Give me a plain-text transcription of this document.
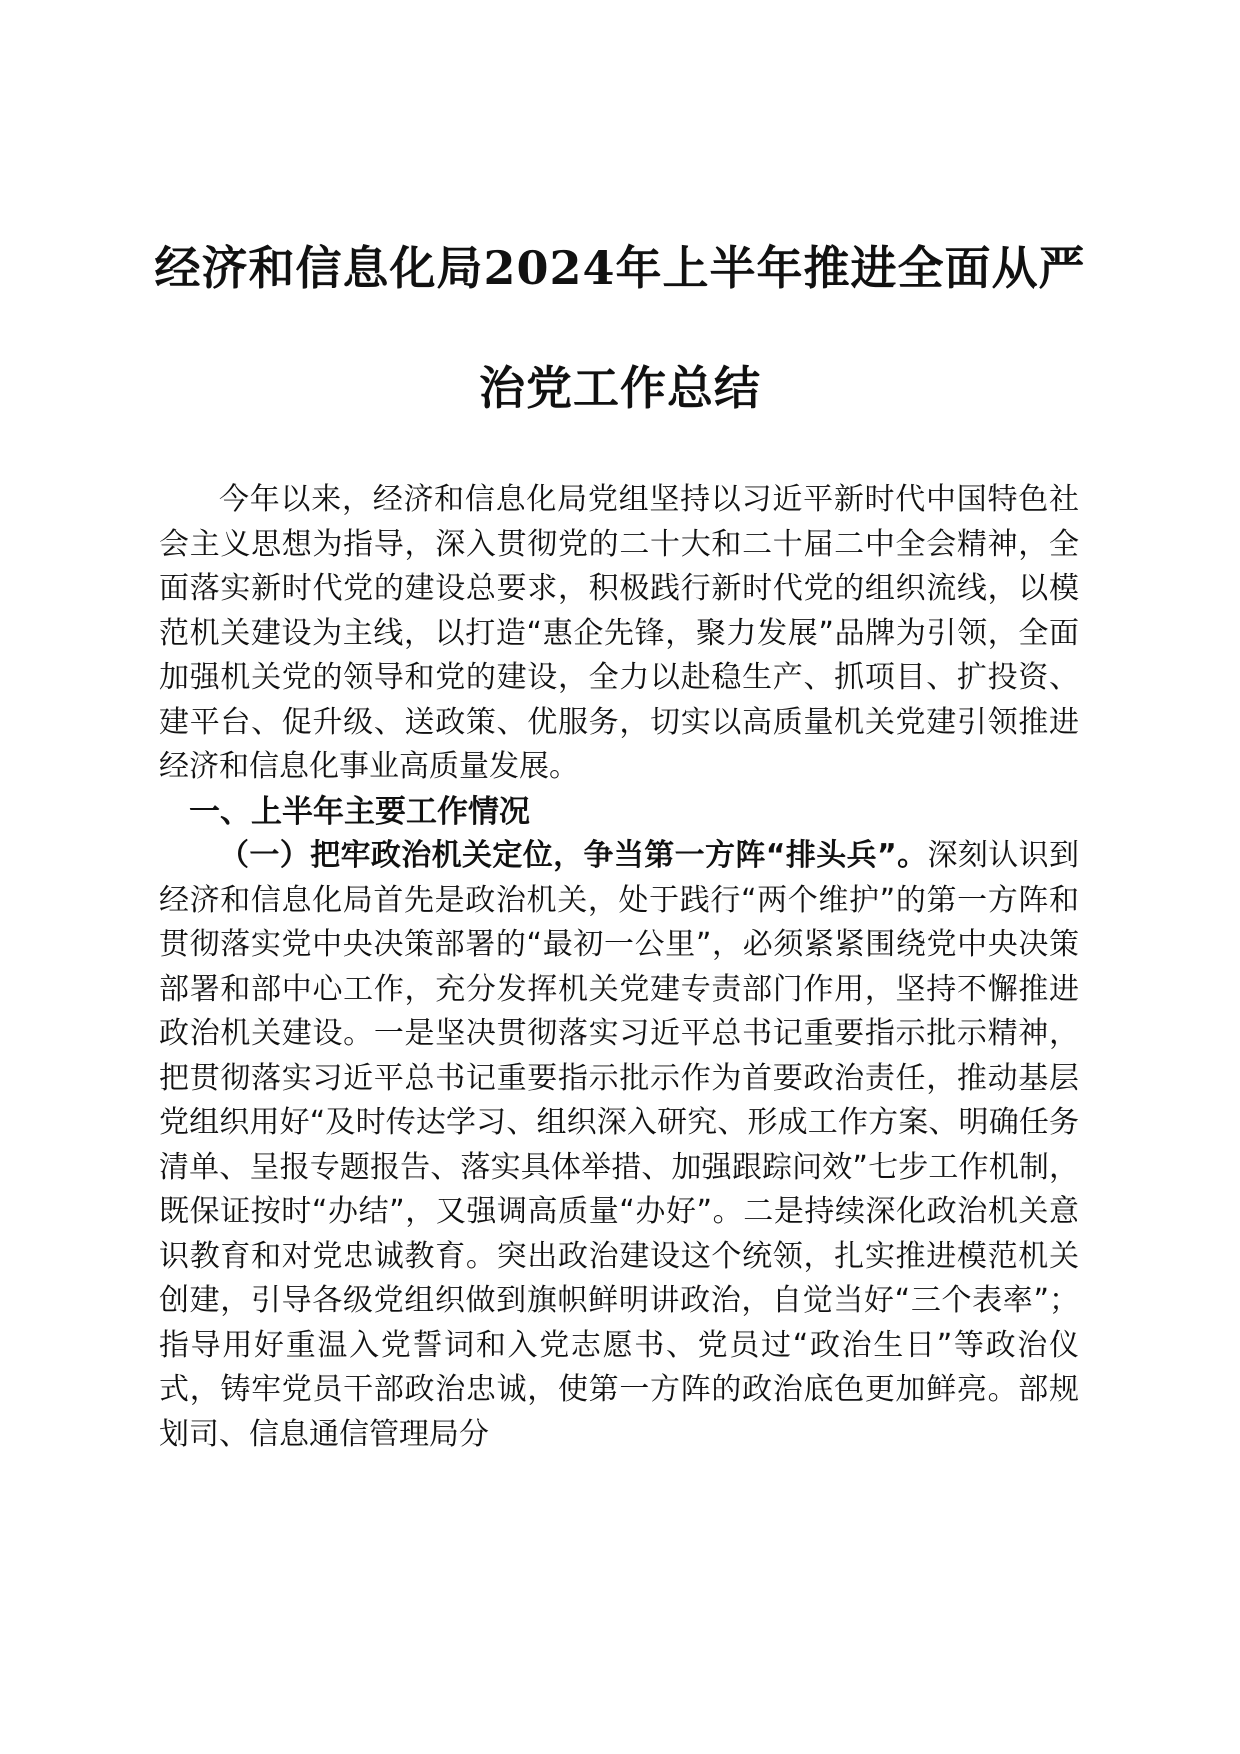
经济和信息化局2024年上半年推进全面从严
治党工作总结

今年以来，经济和信息化局党组坚持以习近平新时代中国特色社会主义思想为指导，深入贯彻党的二十大和二十届二中全会精神，全面落实新时代党的建设总要求，积极践行新时代党的组织流线，以模范机关建设为主线，以打造“惠企先锋，聚力发展”品牌为引领，全面加强机关党的领导和党的建设，全力以赴稳生产、抓项目、扩投资、建平台、促升级、送政策、优服务，切实以高质量机关党建引领推进经济和信息化事业高质量发展。

一、上半年主要工作情况

（一）把牢政治机关定位，争当第一方阵“排头兵”。深刻认识到经济和信息化局首先是政治机关，处于践行“两个维护”的第一方阵和贯彻落实党中央决策部署的“最初一公里”，必须紧紧围绕党中央决策部署和部中心工作，充分发挥机关党建专责部门作用，坚持不懈推进政治机关建设。一是坚决贯彻落实习近平总书记重要指示批示精神，把贯彻落实习近平总书记重要指示批示作为首要政治责任，推动基层党组织用好“及时传达学习、组织深入研究、形成工作方案、明确任务清单、呈报专题报告、落实具体举措、加强跟踪问效”七步工作机制，既保证按时“办结”，又强调高质量“办好”。二是持续深化政治机关意识教育和对党忠诚教育。突出政治建设这个统领，扎实推进模范机关创建，引导各级党组织做到旗帜鲜明讲政治，自觉当好“三个表率”；指导用好重温入党誓词和入党志愿书、党员过“政治生日”等政治仪式，铸牢党员干部政治忠诚，使第一方阵的政治底色更加鲜亮。部规划司、信息通信管理局分
